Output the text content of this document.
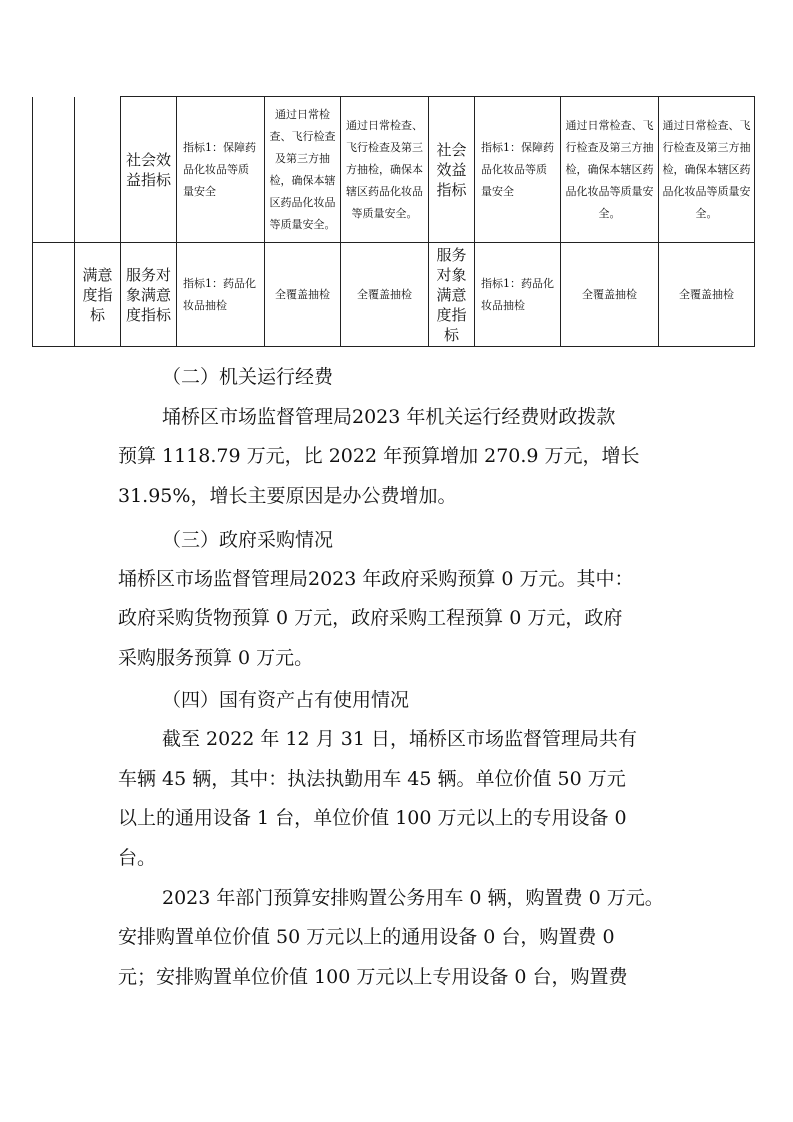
		社会效益指标	指标1：保障药品化妆品等质量安全	通过日常检查、飞行检查及第三方抽检，确保本辖区药品化妆品等质量安全。	通过日常检查、飞行检查及第三方抽检，确保本辖区药品化妆品等质量安全。	社会效益指标	指标1：保障药品化妆品等质量安全	通过日常检查、飞行检查及第三方抽检，确保本辖区药品化妆品等质量安全。	通过日常检查、飞行检查及第三方抽检，确保本辖区药品化妆品等质量安全。
	满意度指标	服务对象满意度指标	指标1：药品化妆品抽检	全覆盖抽检	全覆盖抽检	服务对象满意度指标	指标1：药品化妆品抽检	全覆盖抽检	全覆盖抽检
（二）机关运行经费
埇桥区市场监督管理局2023 年机关运行经费财政拨款
预算 1118.79 万元，比 2022 年预算增加 270.9 万元，增长
31.95%，增长主要原因是办公费增加。
（三）政府采购情况
埇桥区市场监督管理局2023 年政府采购预算 0 万元。其中：
政府采购货物预算 0 万元，政府采购工程预算 0 万元，政府
采购服务预算 0 万元。
（四）国有资产占有使用情况
截至 2022 年 12 月 31 日，埇桥区市场监督管理局共有
车辆 45 辆，其中：执法执勤用车 45 辆。单位价值 50 万元
以上的通用设备 1 台，单位价值 100 万元以上的专用设备 0
台。
2023 年部门预算安排购置公务用车 0 辆，购置费 0 万元。
安排购置单位价值 50 万元以上的通用设备 0 台，购置费 0
元；安排购置单位价值 100 万元以上专用设备 0 台，购置费
